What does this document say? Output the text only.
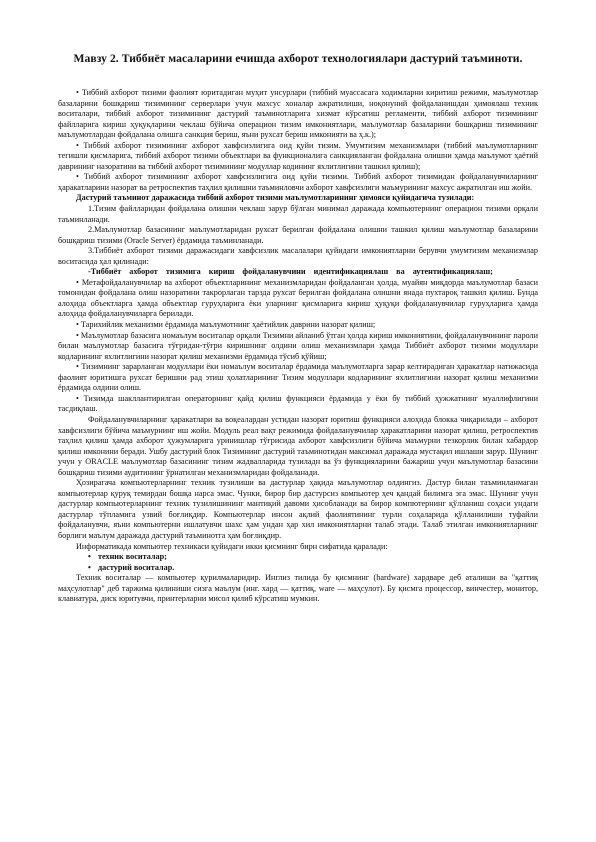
Мавзу 2. Тиббиёт масаларини ечишда ахборот технологиялари дастурий таъминоти.

• Тиббий ахборот тизими фаолият юритадиган муҳит унсурлари (тиббий муассасага ходимларни киритиш режими, маълумотлар базаларини бошқариш тизимининг серверлари учун махсус хоналар ажратилиши, ноқонуний фойдаланишдан ҳимоялаш техник воситалари, тиббий ахборот тизимининг дастурий таъминотларига хизмат кўрсатиш регламенти, тиббий ахборот тизимининг файлларига кириш ҳуқуқларини чеклаш бўйича операцион тизим имкониятлари, маълумотлар базаларини бошқариш тизимининг маълумотлардан фойдалана олишга санкция бериш, яъни рухсат бериш имконияти ва ҳ.к.);

• Тиббий ахборот тизимининг ахборот хавфсизлигига оид қуйи тизим. Умумтизим механизмлари (тиббий маълумотларнинг тегишли қисмларига, тиббий ахборот тизими объектлари ва функционалига санкцияланган фойдалана олишни ҳамда маълумот ҳаётий даврининг назоратини ва тиббий ахборот тизимининг модуллар кодининг яхлитлигини ташкил қилиш);

• Тиббий ахборот тизимининг ахборот хавфсизлигига оид қуйи тизими. Тиббий ахборот тизимидан фойдаланувчиларнинг ҳаракатларини назорат ва ретроспектив таҳлил қилишни таъминловчи ахборот хавфсизлиги маъмурининг махсус ажратилган иш жойи.

Дастурий таъминот даражасида тиббий ахборот тизими маълумотларининг ҳимояси қуйидагича тузилади:

1.Тизим файлларидан фойдалана олишни чеклаш зарур бўлган минимал даражада компьютернинг операцион тизими орқали таъминланади.

2.Маълумотлар базасининг маълумотларидан рухсат берилган фойдалана олишни ташкил қилиш маълумотлар базаларини бошқариш тизими (Oracle Server) ёрдамида таъминланади.

3.Тиббиёт ахборот тизими даражасидаги хавфсизлик масалалари қуйидаги имкониятларни берувчи умумтизим механизмлар воситасида ҳал қилинади:

-Тиббиёт ахборот тизимига кириш фойдаланувчини идентификациялаш ва аутентификациялаш;

• Метафойдаланувчилар ва ахборот объектларининг механизмларидан фойдаланган ҳолда, муайян миқдорда маълумотлар базаси томонидан фойдалана олиш назоратини такрорлаган тарзда рухсат берилган фойдалана олишни янада пухтароқ ташкил қилиш. Бунда алоҳида объектларга ҳамда объектлар гуруҳларига ёки уларнинг қисмларига кириш ҳуқуқи фойдаланувчилар гуруҳларига ҳамда алоҳида фойдаланувчиларга берилади.

• Тарихийлик механизми ёрдамида маълумотнинг ҳаётийлик даврини назорат қилиш;

• Маълумотлар базасига номаълум воситалар орқали Тизимни айланиб ўтган ҳолда кириш имкониятини, фойдаланувчининг пароли билан маълумотлар базасига тўғридан-тўғри киришнинг олдини олиш механизмлари ҳамда Тиббиёт ахборот тизими модуллари кодларининг яхлитлигини назорат қилиш механизми ёрдамида тўсиб қўйиш;

• Тизимнинг зарарланган модуллари ёки номаълум воситалар ёрдамида маълумотларга зарар келтирадиган ҳаракатлар натижасида фаолият юритишга рухсат беришни рад этиш ҳолатларининг Тизим модуллари кодларининг яхлитлигини назорат қилиш механизми ёрдамида олдини олиш.

• Тизимда шакллантирилган операторнинг қайд қилиш функцияси ёрдамида у ёки бу тиббий ҳужжатнинг муаллифлигини тасдиқлаш.

Фойдаланувчиларнинг ҳаракатлари ва воқеалардан устидан назорат юритиш функцияси алоҳида блокка чиқарилади – ахборот хавфсизлиги бўйича маъмурнинг иш жойи. Модуль реал вақт режимида фойдаланувчилар ҳаракатларини назорат қилиш, ретроспектив таҳлил қилиш ҳамда ахборот ҳужумларига уринишлар тўғрисида ахборот хавфсизлиги бўйича маъмурни тезкорлик билан хабардор қилиш имконини беради. Ушбу дастурий блок Тизимнинг дастурий таъминотидан максимал даражада мустақил ишлаши зарур. Шунинг учун у ORACLE маълумотлар базасининг тизим жадвалларида тузиладн ва ўз функцияларини бажариш учун маълумотлар базасини бошқариш тизими аудитининг ўрнатилган механизмларидан фойдаланади.

Ҳозирагача компьютерларнинг техник тузилиши ва дастурлар ҳақида маълумотлар олдингиз. Дастур билан таъминланмаган компьютерлар қуруқ темирдан бошқа нарса эмас. Чунки, бирор бир дастурсиз компьютер ҳеч қандай билимга эга эмас. Шунинг учун дастурлар компьютерларнинг техник тузилишининг мантиқий давоми ҳисобланади ва бирор компютернинг қўлланиш соҳаси ундаги дастурлар тўпламига узвий боғлиқдир. Компьютерлар инсон ақлий фаолиятининг турли соҳаларида қўлланилиши туфайли фойдаланувчи, яъни компьютерни ишлатувчи шахс ҳам ундан ҳар хил имкониятларни талаб этади. Талаб этилган имкониятларнинг борлиги маълум даражада дастурий таъминотга ҳам боғлиқдир.

Информатикада компьютер техникаси қуйидаги икки қисмнинг бирн сифатида қаралади:

• техник воситалар;

• дастурий воситалар.

Техник воситалар — компьютер қурилмаларидир. Инглиз тилида бу қисмнинг (hardware) хардварe деб аталиши ва "қаттиқ маҳсулотлар" деб таржима қилиниши сизга маълум (инг. хард — қаттиқ, wаre — маҳсулот). Бу қисмга процессор, винчестер, монитор, клавиатура, диск юритувчи, принтерларни мисол қилиб кўрсатиш мумкин.
